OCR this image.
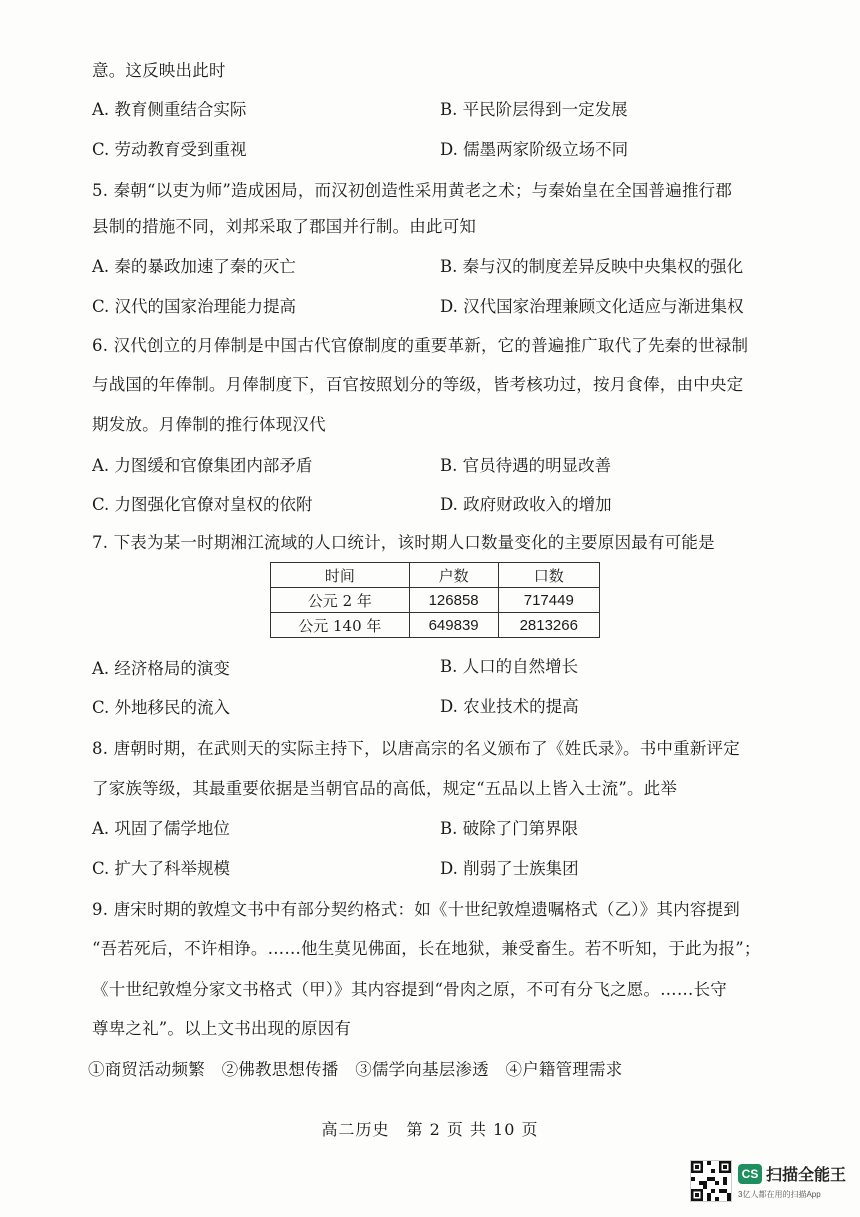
意。这反映出此时
A. 教育侧重结合实际	B. 平民阶层得到一定发展
C. 劳动教育受到重视	D. 儒墨两家阶级立场不同
5. 秦朝“以吏为师”造成困局，而汉初创造性采用黄老之术；与秦始皇在全国普遍推行郡
县制的措施不同，刘邦采取了郡国并行制。由此可知
A. 秦的暴政加速了秦的灭亡	B. 秦与汉的制度差异反映中央集权的强化
C. 汉代的国家治理能力提高	D. 汉代国家治理兼顾文化适应与渐进集权
6. 汉代创立的月俸制是中国古代官僚制度的重要革新，它的普遍推广取代了先秦的世禄制
与战国的年俸制。月俸制度下，百官按照划分的等级，皆考核功过，按月食俸，由中央定
期发放。月俸制的推行体现汉代
A. 力图缓和官僚集团内部矛盾	B. 官员待遇的明显改善
C. 力图强化官僚对皇权的依附	D. 政府财政收入的增加
7. 下表为某一时期湘江流域的人口统计，该时期人口数量变化的主要原因最有可能是
时间	户数	口数
公元 2 年	126858	717449
公元 140 年	649839	2813266
A. 经济格局的演变	B. 人口的自然增长
C. 外地移民的流入	D. 农业技术的提高
8. 唐朝时期，在武则天的实际主持下，以唐高宗的名义颁布了《姓氏录》。书中重新评定
了家族等级，其最重要依据是当朝官品的高低，规定“五品以上皆入士流”。此举
A. 巩固了儒学地位	B. 破除了门第界限
C. 扩大了科举规模	D. 削弱了士族集团
9. 唐宋时期的敦煌文书中有部分契约格式：如《十世纪敦煌遗嘱格式（乙）》其内容提到
“吾若死后，不许相诤。……他生莫见佛面，长在地狱，兼受畜生。若不听知，于此为报”；
《十世纪敦煌分家文书格式（甲）》其内容提到“骨肉之原，不可有分飞之愿。……长守
尊卑之礼”。以上文书出现的原因有
①商贸活动频繁　②佛教思想传播　③儒学向基层渗透　④户籍管理需求
高二历史　第 2 页 共 10 页
CS 扫描全能王
3亿人都在用的扫描App
